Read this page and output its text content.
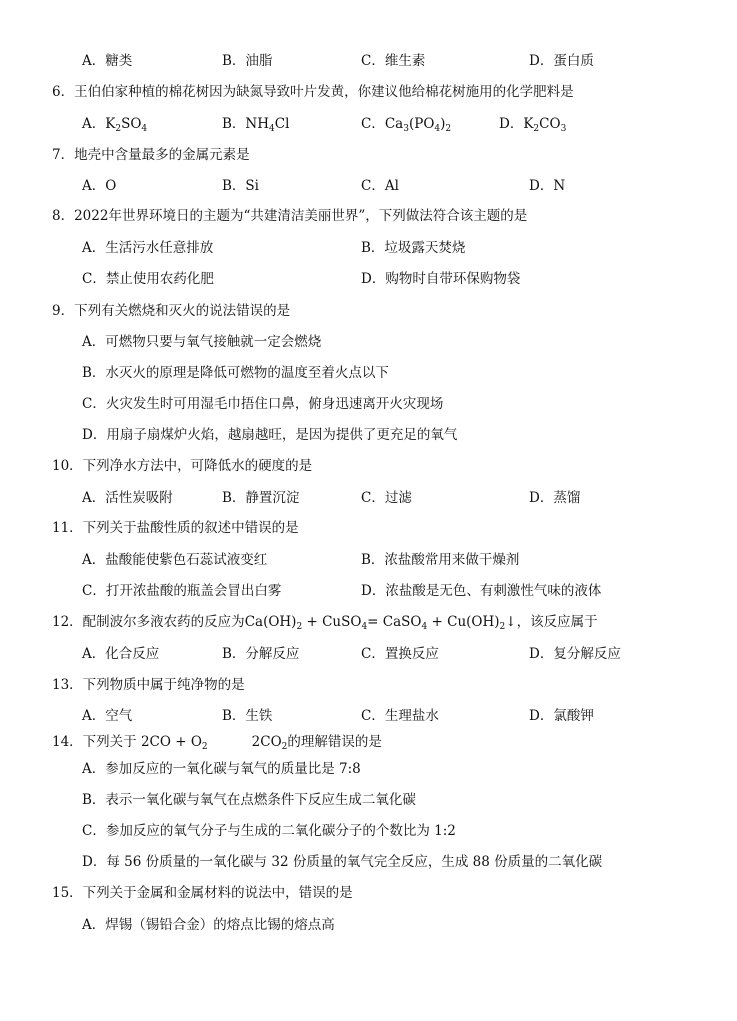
A．糖类	B．油脂	C．维生素	D．蛋白质
6．王伯伯家种植的棉花树因为缺氮导致叶片发黄，你建议他给棉花树施用的化学肥料是
A．$K_2SO_4$	B．$NH_4Cl$	C．$Ca_3(PO_4)_2$	D．$K_2CO_3$
7．地壳中含量最多的金属元素是
A．O	B．Si	C．Al	D．N
8．2022年世界环境日的主题为“共建清洁美丽世界”，下列做法符合该主题的是
A．生活污水任意排放	B．垃圾露天焚烧
C．禁止使用农药化肥	D．购物时自带环保购物袋
9．下列有关燃烧和灭火的说法错误的是
A．可燃物只要与氧气接触就一定会燃烧
B．水灭火的原理是降低可燃物的温度至着火点以下
C．火灾发生时可用湿毛巾捂住口鼻，俯身迅速离开火灾现场
D．用扇子扇煤炉火焰，越扇越旺，是因为提供了更充足的氧气
10．下列净水方法中，可降低水的硬度的是
A．活性炭吸附	B．静置沉淀	C．过滤	D．蒸馏
11．下列关于盐酸性质的叙述中错误的是
A．盐酸能使紫色石蕊试液变红	B．浓盐酸常用来做干燥剂
C．打开浓盐酸的瓶盖会冒出白雾	D．浓盐酸是无色、有刺激性气味的液体
12．配制波尔多液农药的反应为$Ca(OH)_2$ + CuSO$_4$= CaSO$_4$ + $Cu(OH)_2↓$，该反应属于
A．化合反应	B．分解反应	C．置换反应	D．复分解反应
13．下列物质中属于纯净物的是
A．空气	B．生铁	C．生理盐水	D．氯酸钾
14．下列关于 $2CO + O_2$	$2CO_2$的理解错误的是
A．参加反应的一氧化碳与氧气的质量比是 7:8
B．表示一氧化碳与氧气在点燃条件下反应生成二氧化碳
C．参加反应的氧气分子与生成的二氧化碳分子的个数比为 1:2
D．每 56 份质量的一氧化碳与 32 份质量的氧气完全反应，生成 88 份质量的二氧化碳
15．下列关于金属和金属材料的说法中，错误的是
A．焊锡（锡铅合金）的熔点比锡的熔点高
